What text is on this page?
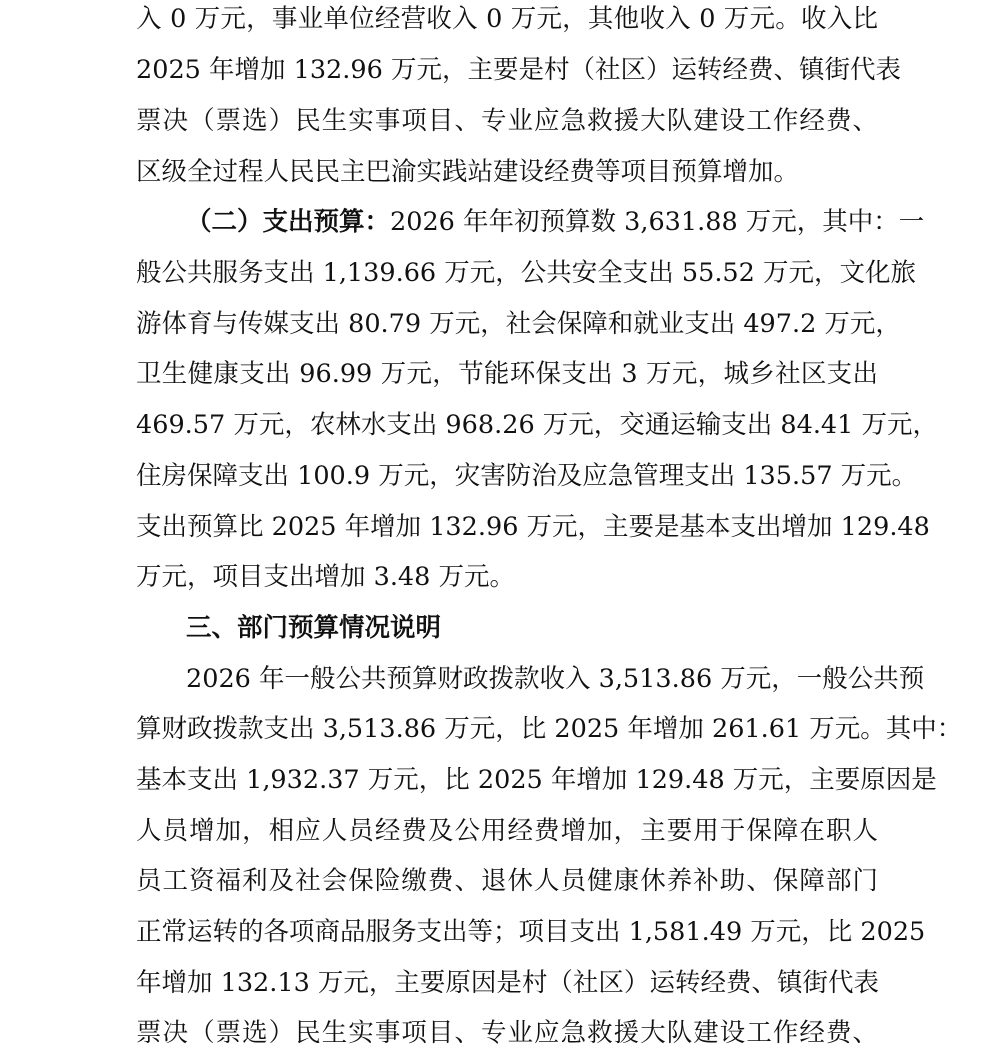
入 0 万元，事业单位经营收入 0 万元，其他收入 0 万元。收入比
2025 年增加 132.96 万元，主要是村（社区）运转经费、镇街代表
票决（票选）民生实事项目、专业应急救援大队建设工作经费、
区级全过程人民民主巴渝实践站建设经费等项目预算增加。
（二）支出预算：2026 年年初预算数 3,631.88 万元，其中：一
般公共服务支出 1,139.66 万元，公共安全支出 55.52 万元，文化旅
游体育与传媒支出 80.79 万元，社会保障和就业支出 497.2 万元，
卫生健康支出 96.99 万元，节能环保支出 3 万元，城乡社区支出
469.57 万元，农林水支出 968.26 万元，交通运输支出 84.41 万元，
住房保障支出 100.9 万元，灾害防治及应急管理支出 135.57 万元。
支出预算比 2025 年增加 132.96 万元，主要是基本支出增加 129.48
万元，项目支出增加 3.48 万元。
三、部门预算情况说明
2026 年一般公共预算财政拨款收入 3,513.86 万元，一般公共预
算财政拨款支出 3,513.86 万元，比 2025 年增加 261.61 万元。其中：
基本支出 1,932.37 万元，比 2025 年增加 129.48 万元，主要原因是
人员增加，相应人员经费及公用经费增加，主要用于保障在职人
员工资福利及社会保险缴费、退休人员健康休养补助、保障部门
正常运转的各项商品服务支出等；项目支出 1,581.49 万元，比 2025
年增加 132.13 万元，主要原因是村（社区）运转经费、镇街代表
票决（票选）民生实事项目、专业应急救援大队建设工作经费、
